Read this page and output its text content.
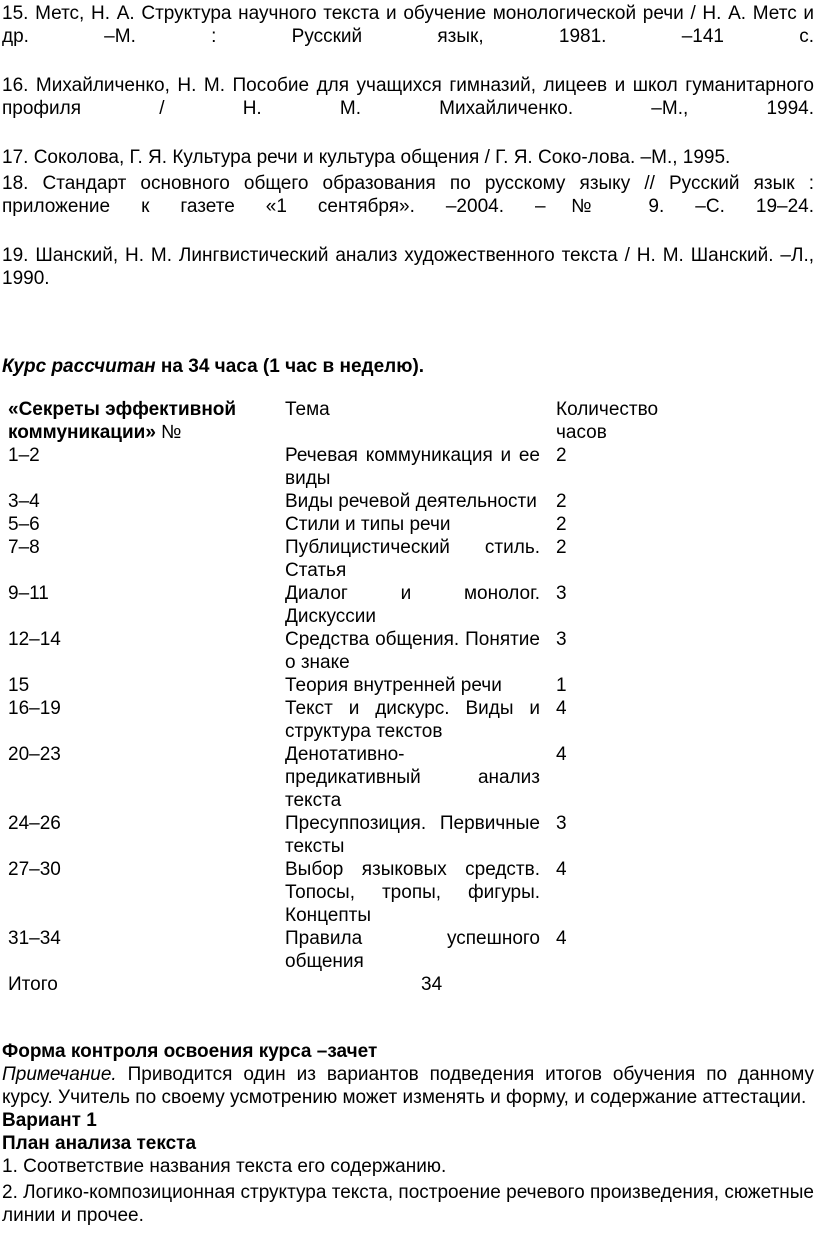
15. Метс, Н. А. Структура научного текста и обучение монологической речи / Н. А. Метс и др. –М. : Русский язык, 1981. –141 с.

16. Михайличенко, Н. М. Пособие для учащихся гимназий, лицеев и школ гуманитарного профиля / Н. М. Михайличенко. –М., 1994.

17. Соколова, Г. Я. Культура речи и культура общения / Г. Я. Соко-лова. –М., 1995.

18. Стандарт основного общего образования по русскому языку // Русский язык : приложение к газете «1 сентября». –2004. –№ 9. –С. 19–24.

19. Шанский, Н. М. Лингвистический анализ художественного текста / Н. М. Шанский. –Л., 1990.

Курс рассчитан на 34 часа (1 час в неделю).
«Секреты эффективной коммуникации» №	Тема	Количество часов
1–2	Речевая коммуникация и ее виды	2
3–4	Виды речевой деятельности	2
5–6	Стили и типы речи	2
7–8	Публицистический стиль. Статья	2
9–11	Диалог и монолог. Дискуссии	3
12–14	Средства общения. Понятие о знаке	3
15	Теория внутренней речи	1
16–19	Текст и дискурс. Виды и структура текстов	4
20–23	Денотативно-предикативный анализ текста	4
24–26	Пресуппозиция. Первичные тексты	3
27–30	Выбор языковых средств. Топосы, тропы, фигуры. Концепты	4
31–34	Правила успешного общения	4
Итого	34	
Форма контроля освоения курса –зачет
Примечание. Приводится один из вариантов подведения итогов обучения по данному курсу. Учитель по своему усмотрению может изменять и форму, и содержание аттестации.
Вариант 1
План анализа текста

1. Соответствие названия текста его содержанию.

2. Логико-композиционная структура текста, построение речевого произведения, сюжетные линии и прочее.
